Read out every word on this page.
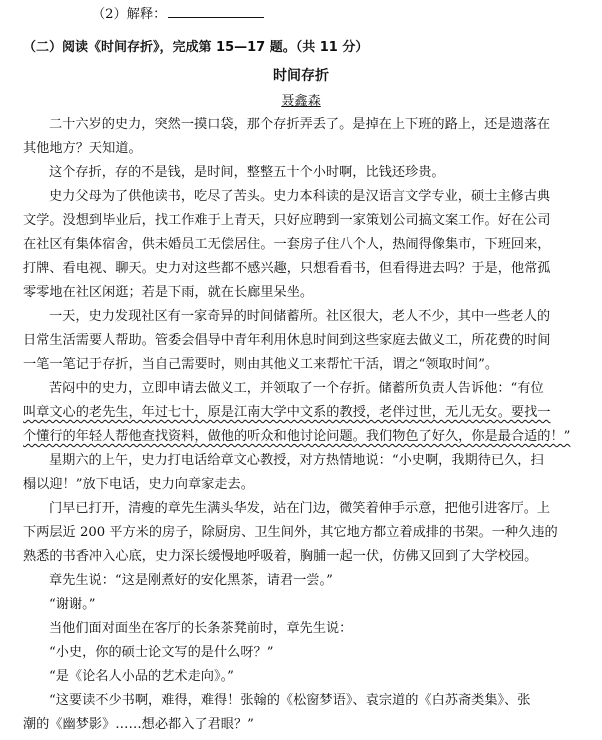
（2）解释：
（二）阅读《时间存折》，完成第 15—17 题。（共 11 分）
时间存折
聂鑫森
二十六岁的史力，突然一摸口袋，那个存折弄丢了。是掉在上下班的路上，还是遗落在
其他地方？天知道。
这个存折，存的不是钱，是时间，整整五十个小时啊，比钱还珍贵。
史力父母为了供他读书，吃尽了苦头。史力本科读的是汉语言文学专业，硕士主修古典
文学。没想到毕业后，找工作难于上青天，只好应聘到一家策划公司搞文案工作。好在公司
在社区有集体宿舍，供未婚员工无偿居住。一套房子住八个人，热闹得像集市，下班回来，
打牌、看电视、聊天。史力对这些都不感兴趣，只想看看书，但看得进去吗？于是，他常孤
零零地在社区闲逛；若是下雨，就在长廊里呆坐。
一天，史力发现社区有一家奇异的时间储蓄所。社区很大，老人不少，其中一些老人的
日常生活需要人帮助。管委会倡导中青年利用休息时间到这些家庭去做义工，所花费的时间
一笔一笔记于存折，当自己需要时，则由其他义工来帮忙干活，谓之“领取时间”。
苦闷中的史力，立即申请去做义工，并领取了一个存折。储蓄所负责人告诉他：“有位
叫章文心的老先生，年过七十，原是江南大学中文系的教授，老伴过世，无儿无女。要找一
个懂行的年轻人帮他查找资料，做他的听众和他讨论问题。我们物色了好久，你是最合适的！”
星期六的上午，史力打电话给章文心教授，对方热情地说：“小史啊，我期待已久，扫
榻以迎！”放下电话，史力向章家走去。
门早已打开，清瘦的章先生满头华发，站在门边，微笑着伸手示意，把他引进客厅。上
下两层近 200 平方米的房子，除厨房、卫生间外，其它地方都立着成排的书架。一种久违的
熟悉的书香冲入心底，史力深长缓慢地呼吸着，胸脯一起一伏，仿佛又回到了大学校园。
章先生说：“这是刚煮好的安化黑茶，请君一尝。”
“谢谢。”
当他们面对面坐在客厅的长条茶凳前时，章先生说：
“小史，你的硕士论文写的是什么呀？”
“是《论名人小品的艺术走向》。”
“这要读不少书啊，难得，难得！张翰的《松窗梦语》、袁宗道的《白苏斋类集》、张
潮的《幽梦影》……想必都入了君眼？”
